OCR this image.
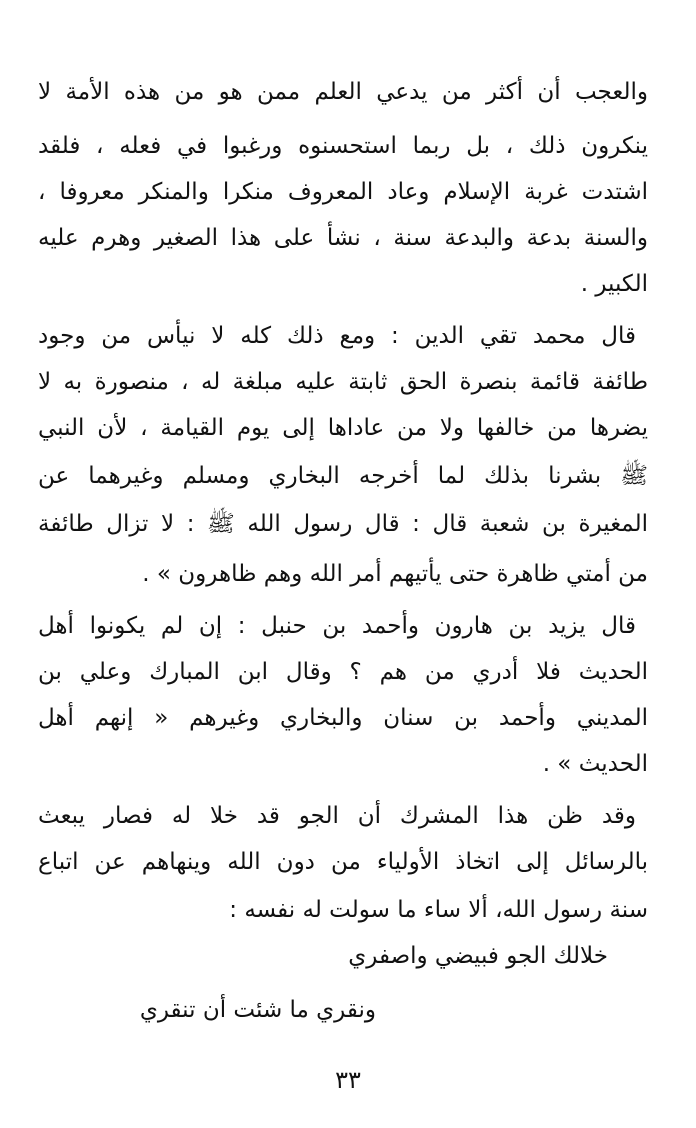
والعجب أن أكثر من يدعي العلم ممن هو من هذه الأمة لا
ينكرون ذلك ، بل ربما استحسنوه ورغبوا في فعله ، فلقد
اشتدت غربة الإسلام وعاد المعروف منكرا والمنكر معروفا ،
والسنة بدعة والبدعة سنة ، نشأ على هذا الصغير وهرم عليه
الكبير .
قال محمد تقي الدين : ومع ذلك كله لا نيأس من وجود
طائفة قائمة بنصرة الحق ثابتة عليه مبلغة له ، منصورة به لا
يضرها من خالفها ولا من عاداها إلى يوم القيامة ، لأن النبي
ﷺ بشرنا بذلك لما أخرجه البخاري ومسلم وغيرهما عن
المغيرة بن شعبة قال : قال رسول الله ﷺ : لا تزال طائفة
من أمتي ظاهرة حتى يأتيهم أمر الله وهم ظاهرون » .
قال يزيد بن هارون وأحمد بن حنبل : إن لم يكونوا أهل
الحديث فلا أدري من هم ؟ وقال ابن المبارك وعلي بن
المديني وأحمد بن سنان والبخاري وغيرهم « إنهم أهل
الحديث » .
وقد ظن هذا المشرك أن الجو قد خلا له فصار يبعث
بالرسائل إلى اتخاذ الأولياء من دون الله وينهاهم عن اتباع
سنة رسول الله، ألا ساء ما سولت له نفسه :
خلالك الجو فبيضي واصفري
ونقري ما شئت أن تنقري
٣٣
